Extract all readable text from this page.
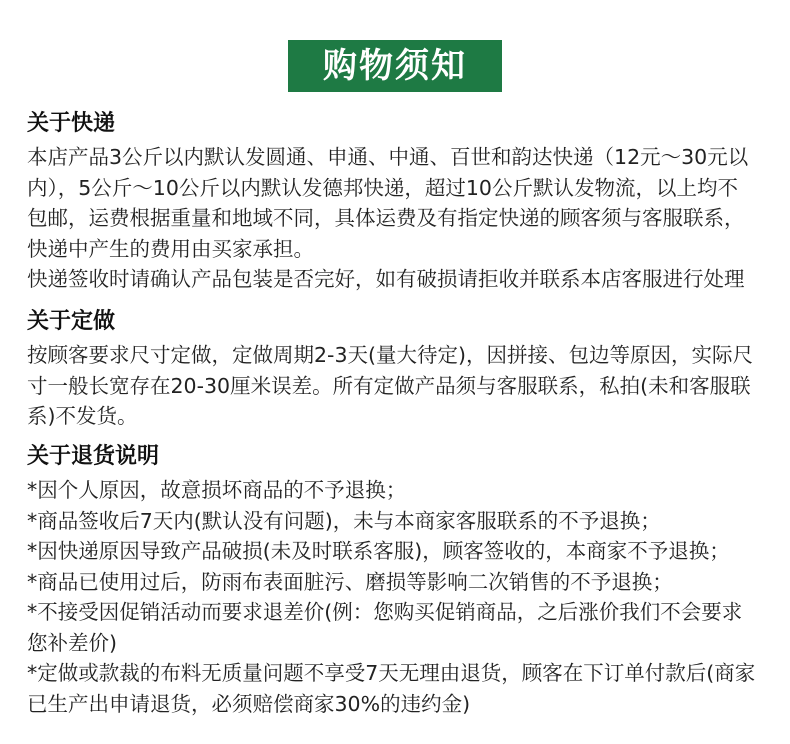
购物须知
关于快递
本店产品3公斤以内默认发圆通、申通、中通、百世和韵达快递（12元～30元以
内），5公斤～10公斤以内默认发德邦快递，超过10公斤默认发物流，以上均不
包邮，运费根据重量和地域不同，具体运费及有指定快递的顾客须与客服联系，
快递中产生的费用由买家承担。
快递签收时请确认产品包装是否完好，如有破损请拒收并联系本店客服进行处理
关于定做
按顾客要求尺寸定做，定做周期2-3天(量大待定)，因拼接、包边等原因，实际尺
寸一般长宽存在20-30厘米误差。所有定做产品须与客服联系，私拍(未和客服联
系)不发货。
关于退货说明
*因个人原因，故意损坏商品的不予退换；
*商品签收后7天内(默认没有问题)，未与本商家客服联系的不予退换；
*因快递原因导致产品破损(未及时联系客服)，顾客签收的，本商家不予退换；
*商品已使用过后，防雨布表面脏污、磨损等影响二次销售的不予退换；
*不接受因促销活动而要求退差价(例：您购买促销商品，之后涨价我们不会要求
您补差价)
*定做或款裁的布料无质量问题不享受7天无理由退货，顾客在下订单付款后(商家
已生产出申请退货，必须赔偿商家30%的违约金)
